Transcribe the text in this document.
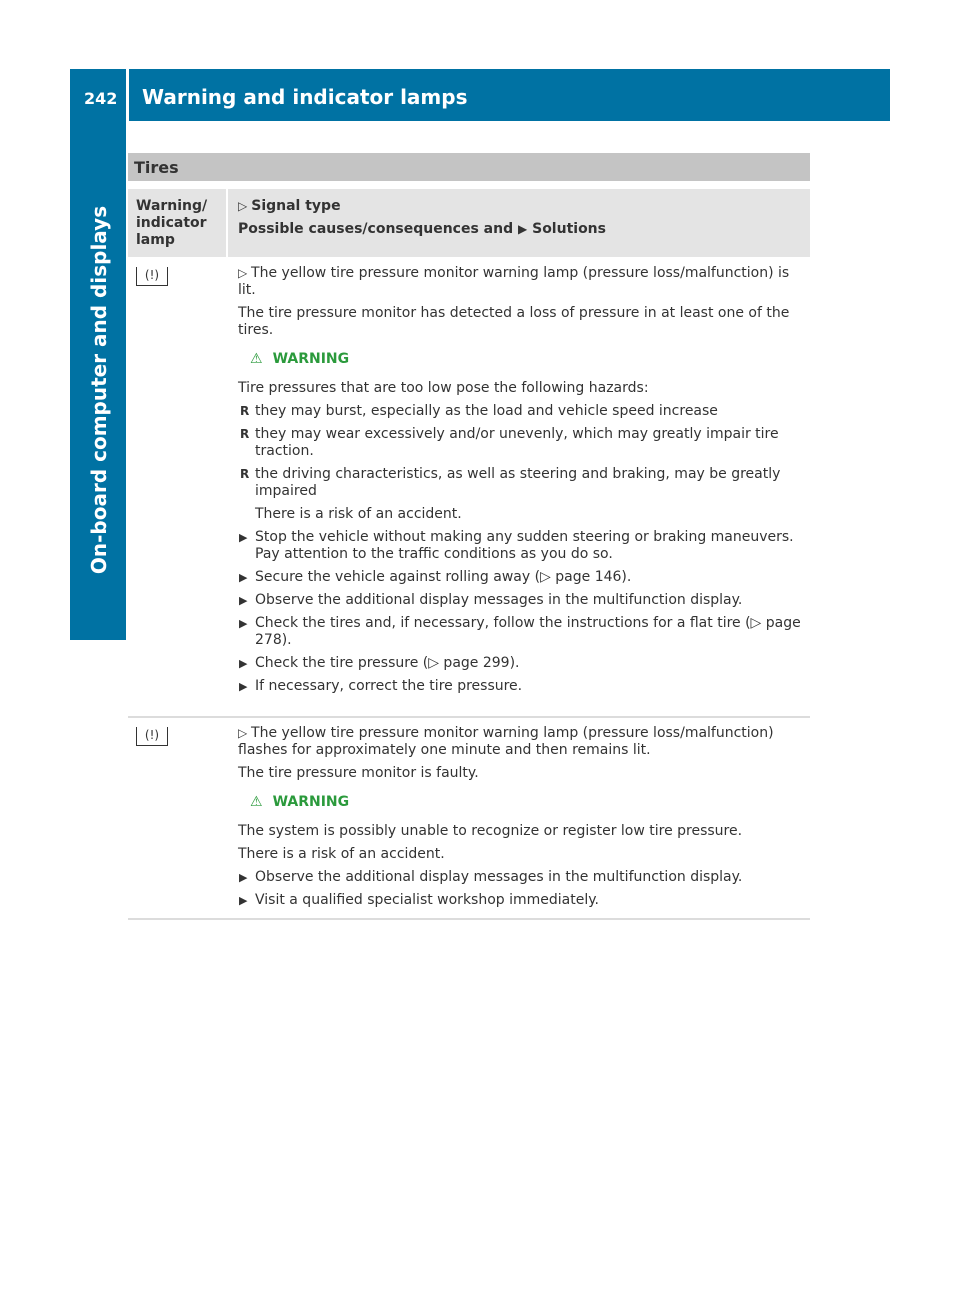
242 Warning and indicator lamps
On-board computer and displays
Tires
Warning/ indicator lamp
▷ Signal type
Possible causes/consequences and ▶ Solutions
(!)	▷ The yellow tire pressure monitor warning lamp (pressure loss/malfunction) is lit.

The tire pressure monitor has detected a loss of pressure in at least one of the tires.

⚠ WARNING

Tire pressures that are too low pose the following hazards:

R they may burst, especially as the load and vehicle speed increase
R they may wear excessively and/or unevenly, which may greatly impair tire traction.
R the driving characteristics, as well as steering and braking, may be greatly impaired

There is a risk of an accident.

▶ Stop the vehicle without making any sudden steering or braking maneuvers. Pay attention to the traffic conditions as you do so.
▶ Secure the vehicle against rolling away (▷ page 146).
▶ Observe the additional display messages in the multifunction display.
▶ Check the tires and, if necessary, follow the instructions for a flat tire (▷ page 278).
▶ Check the tire pressure (▷ page 299).
▶ If necessary, correct the tire pressure.
(!)	▷ The yellow tire pressure monitor warning lamp (pressure loss/malfunction) flashes for approximately one minute and then remains lit.

The tire pressure monitor is faulty.

⚠ WARNING

The system is possibly unable to recognize or register low tire pressure.

There is a risk of an accident.

▶ Observe the additional display messages in the multifunction display.
▶ Visit a qualified specialist workshop immediately.
